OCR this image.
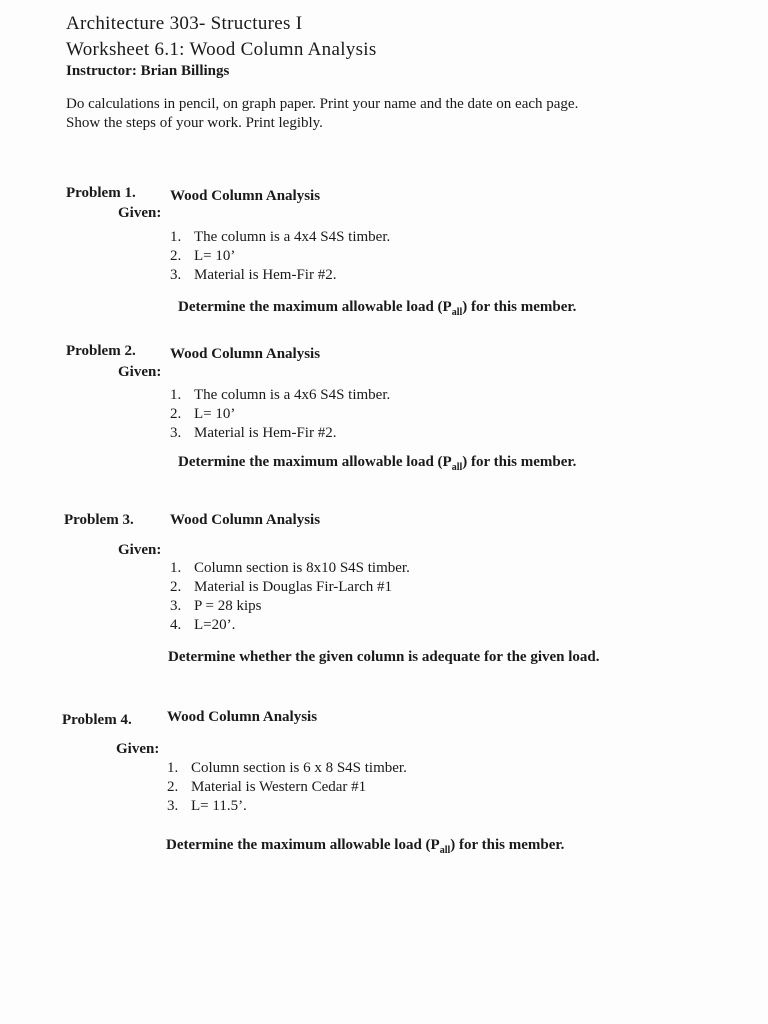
Architecture 303- Structures I
Worksheet 6.1: Wood Column Analysis
Instructor: Brian Billings
Do calculations in pencil, on graph paper. Print your name and the date on each page.
Show the steps of your work. Print legibly.
Problem 1. Wood Column Analysis
Given:
1. The column is a 4x4 S4S timber.
2. L= 10’
3. Material is Hem-Fir #2.
Determine the maximum allowable load $(P_{all})$ for this member.
Problem 2. Wood Column Analysis
Given:
1. The column is a 4x6 S4S timber.
2. L= 10’
3. Material is Hem-Fir #2.
Determine the maximum allowable load $(P_{all})$ for this member.
Problem 3. Wood Column Analysis
Given:
1. Column section is 8x10 S4S timber.
2. Material is Douglas Fir-Larch #1
3. P = 28 kips
4. L=20’.
Determine whether the given column is adequate for the given load.
Problem 4. Wood Column Analysis
Given:
1. Column section is 6 x 8 S4S timber.
2. Material is Western Cedar #1
3. L= 11.5’.
Determine the maximum allowable load $(P_{all})$ for this member.
